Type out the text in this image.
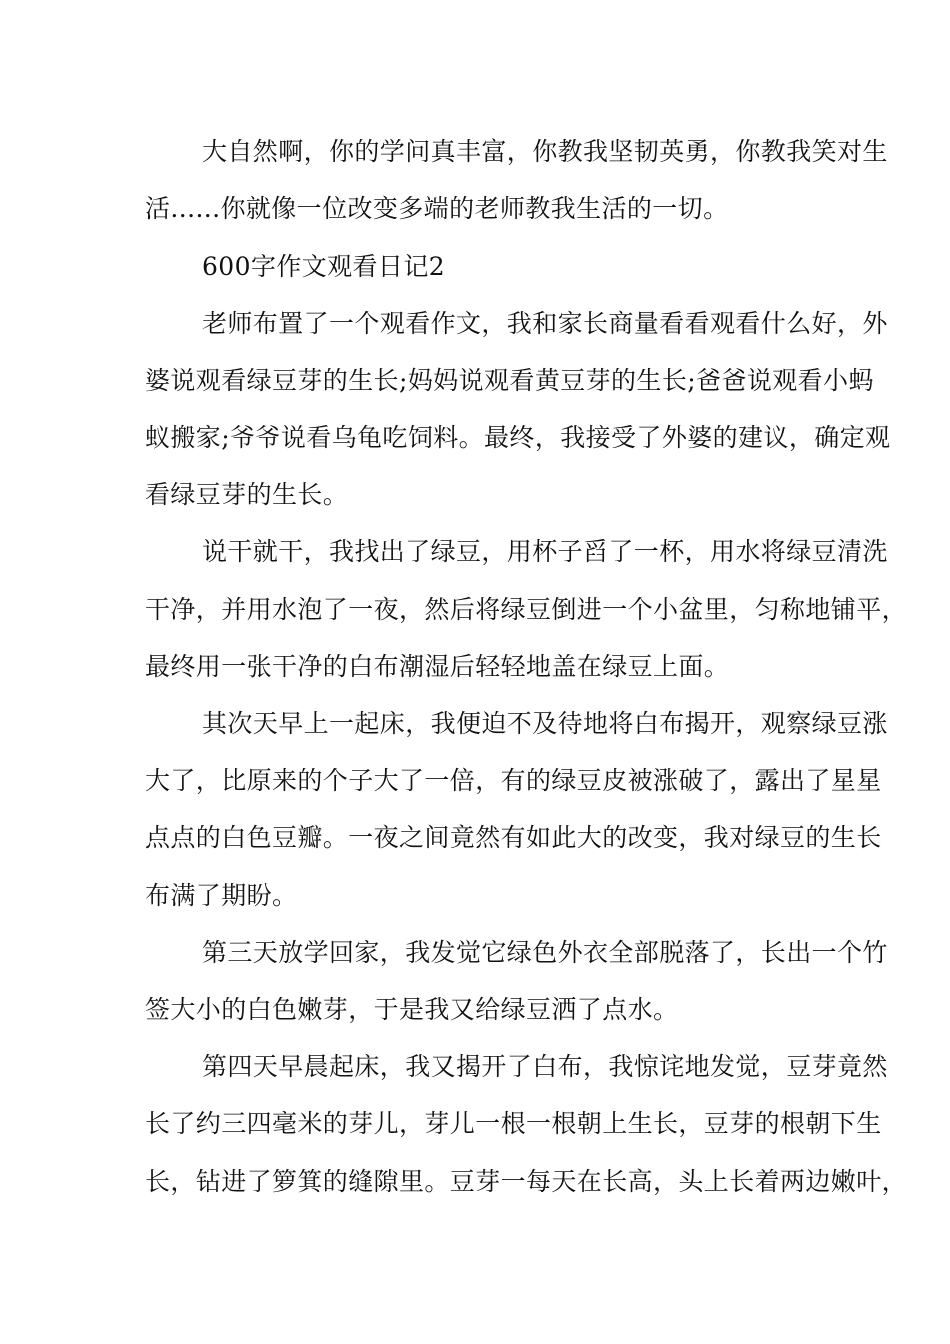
大自然啊，你的学问真丰富，你教我坚韧英勇，你教我笑对生
活......你就像一位改变多端的老师教我生活的一切。
600字作文观看日记2
老师布置了一个观看作文，我和家长商量看看观看什么好，外
婆说观看绿豆芽的生长;妈妈说观看黄豆芽的生长;爸爸说观看小蚂
蚁搬家;爷爷说看乌龟吃饲料。最终，我接受了外婆的建议，确定观
看绿豆芽的生长。
说干就干，我找出了绿豆，用杯子舀了一杯，用水将绿豆清洗
干净，并用水泡了一夜，然后将绿豆倒进一个小盆里，匀称地铺平，
最终用一张干净的白布潮湿后轻轻地盖在绿豆上面。
其次天早上一起床，我便迫不及待地将白布揭开，观察绿豆涨
大了，比原来的个子大了一倍，有的绿豆皮被涨破了，露出了星星
点点的白色豆瓣。一夜之间竟然有如此大的改变，我对绿豆的生长
布满了期盼。
第三天放学回家，我发觉它绿色外衣全部脱落了，长出一个竹
签大小的白色嫩芽，于是我又给绿豆洒了点水。
第四天早晨起床，我又揭开了白布，我惊诧地发觉，豆芽竟然
长了约三四毫米的芽儿，芽儿一根一根朝上生长，豆芽的根朝下生
长，钻进了箩箕的缝隙里。豆芽一每天在长高，头上长着两边嫩叶，
